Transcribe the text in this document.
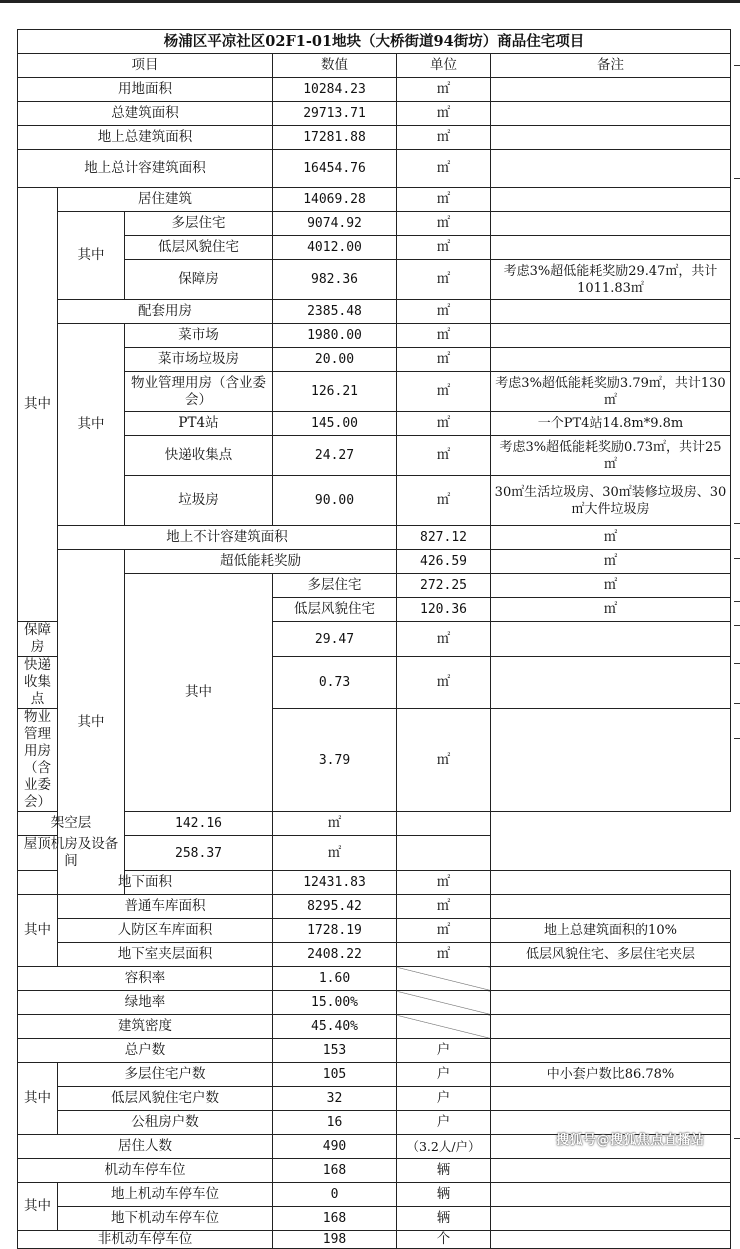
杨浦区平凉社区02F1-01地块（大桥街道94街坊）商品住宅项目						
项目			数值	单位	备注	
用地面积			10284.23	㎡		
总建筑面积			29713.71	㎡		
地上总建筑面积			17281.88	㎡		
地上总计容建筑面积			16454.76	㎡		
其中	居住建筑		14069.28	㎡		
	其中	多层住宅	9074.92	㎡		
		低层风貌住宅	4012.00	㎡		
		保障房	982.36	㎡	考虑3%超低能耗奖励29.47㎡，共计1011.83㎡	
	配套用房		2385.48	㎡		
	其中	菜市场	1980.00	㎡		
		菜市场垃圾房	20.00	㎡		
		物业管理用房（含业委会）	126.21	㎡	考虑3%超低能耗奖励3.79㎡，共计130㎡	
		PT4站	145.00	㎡	一个PT4站14.8m*9.8m	
		快递收集点	24.27	㎡	考虑3%超低能耗奖励0.73㎡，共计25㎡	
		垃圾房	90.00	㎡	30㎡生活垃圾房、30㎡装修垃圾房、30㎡大件垃圾房	
	地上不计容建筑面积			827.12	㎡	
	其中	超低能耗奖励		426.59	㎡	
		其中	多层住宅	272.25	㎡	
			低层风貌住宅	120.36	㎡	
保障房			29.47	㎡		
快递收集点			0.73	㎡		
物业管理用房（含业委会）			3.79	㎡		
架空层		142.16	㎡			
屋顶机房及设备间		258.37	㎡			
地下面积			12431.83	㎡		
其中	普通车库面积		8295.42	㎡		
	人防区车库面积		1728.19	㎡	地上总建筑面积的10%	
	地下室夹层面积		2408.22	㎡	低层风貌住宅、多层住宅夹层	
容积率			1.60			
绿地率			15.00%			
建筑密度			45.40%			
总户数			153	户		
其中	多层住宅户数		105	户	中小套户数比86.78%	
	低层风貌住宅户数		32	户		
	公租房户数		16	户		
居住人数			490	（3.2人/户）		
机动车停车位			168	辆		
其中	地上机动车停车位		0	辆		
	地下机动车停车位		168	辆		
非机动车停车位			198	个		
搜狐号@搜狐焦点直播站
